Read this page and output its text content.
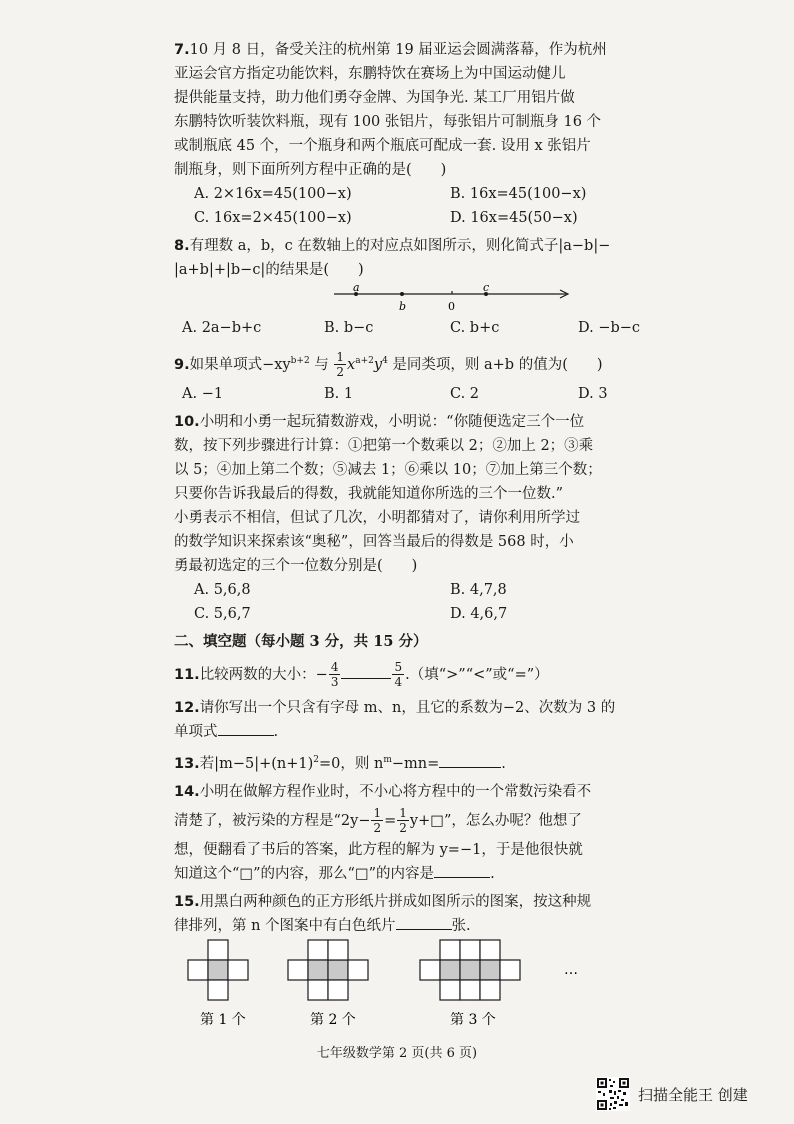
7.10 月 8 日，备受关注的杭州第 19 届亚运会圆满落幕，作为杭州
亚运会官方指定功能饮料，东鹏特饮在赛场上为中国运动健儿
提供能量支持，助力他们勇夺金牌、为国争光. 某工厂用铝片做
东鹏特饮听装饮料瓶，现有 100 张铝片，每张铝片可制瓶身 16 个
或制瓶底 45 个，一个瓶身和两个瓶底可配成一套. 设用 x 张铝片
制瓶身，则下面所列方程中正确的是(　　)
A. 2×16x=45(100−x)	B. 16x=45(100−x)
C. 16x=2×45(100−x)	D. 16x=45(50−x)
8.有理数 a，b，c 在数轴上的对应点如图所示，则化简式子|a−b|−
|a+b|+|b−c|的结果是(　　)
a
b	0
c
A. 2a−b+c	B. b−c	C. b+c	D. −b−c
9.如果单项式$-xy^{b+2}$ 与 $\frac{1}{2} x^{a+2}y^4$ 是同类项，则 a+b 的值为(　　)
A. −1	B. 1	C. 2	D. 3
10.小明和小勇一起玩猜数游戏，小明说：“你随便选定三个一位
数，按下列步骤进行计算：①把第一个数乘以 2；②加上 2；③乘
以 5；④加上第二个数；⑤减去 1；⑥乘以 10；⑦加上第三个数；
只要你告诉我最后的得数，我就能知道你所选的三个一位数.”
小勇表示不相信，但试了几次，小明都猜对了，请你利用所学过
的数学知识来探索该“奥秘”，回答当最后的得数是 568 时，小
勇最初选定的三个一位数分别是(　　)
A. 5,6,8	B. 4,7,8
C. 5,6,7	D. 4,6,7
二、填空题（每小题 3 分，共 15 分）
11.比较两数的大小：− $\frac{4}{3}$	$\frac{5}{4}$ .（填“>”“<”或“=”）
12.请你写出一个只含有字母 m、n，且它的系数为−2、次数为 3 的
单项式	.
13.若$|m-5|+(n+1)^2=0$，则 $n^m-mn=$	.
14.小明在做解方程作业时，不小心将方程中的一个常数污染看不
清楚了，被污染的方程是“$2y- \frac{1}{2} = \frac{1}{2}$ y+□”，怎么办呢？他想了
想，便翻看了书后的答案，此方程的解为 y=−1，于是他很快就
知道这个“□”的内容，那么“□”的内容是	.
15.用黑白两种颜色的正方形纸片拼成如图所示的图案，按这种规
律排列，第 n 个图案中有白色纸片	张.
…
第 1 个	第 2 个	第 3 个
七年级数学第 2 页(共 6 页)
扫描全能王 创建
